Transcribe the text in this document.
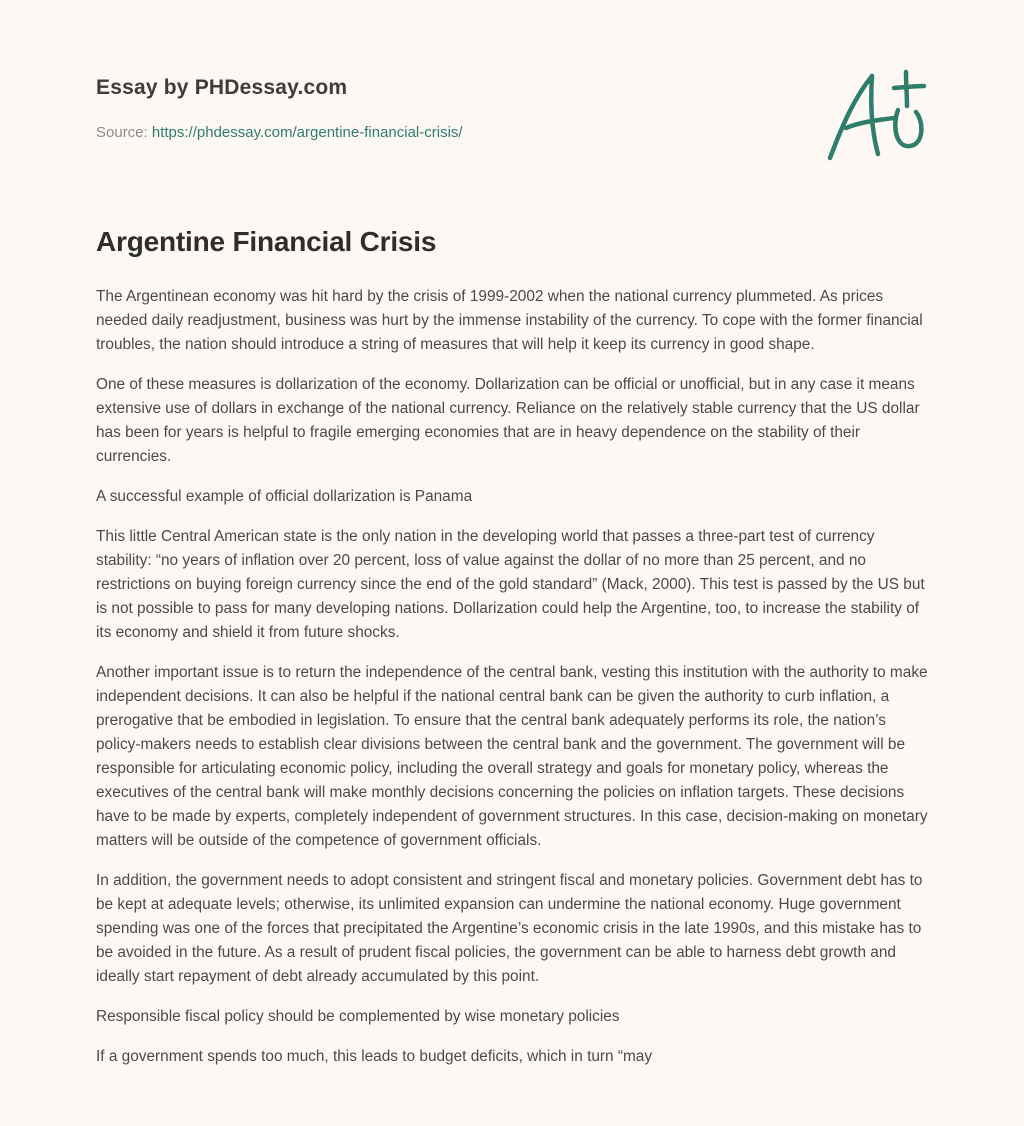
Essay by PHDessay.com
Source: https://phdessay.com/argentine-financial-crisis/
Argentine Financial Crisis

The Argentinean economy was hit hard by the crisis of 1999-2002 when the national currency plummeted. As prices needed daily readjustment, business was hurt by the immense instability of the currency. To cope with the former financial troubles, the nation should introduce a string of measures that will help it keep its currency in good shape.

One of these measures is dollarization of the economy. Dollarization can be official or unofficial, but in any case it means extensive use of dollars in exchange of the national currency. Reliance on the relatively stable currency that the US dollar has been for years is helpful to fragile emerging economies that are in heavy dependence on the stability of their currencies.

A successful example of official dollarization is Panama

This little Central American state is the only nation in the developing world that passes a three-part test of currency stability: “no years of inflation over 20 percent, loss of value against the dollar of no more than 25 percent, and no restrictions on buying foreign currency since the end of the gold standard” (Mack, 2000). This test is passed by the US but is not possible to pass for many developing nations. Dollarization could help the Argentine, too, to increase the stability of its economy and shield it from future shocks.

Another important issue is to return the independence of the central bank, vesting this institution with the authority to make independent decisions. It can also be helpful if the national central bank can be given the authority to curb inflation, a prerogative that be embodied in legislation. To ensure that the central bank adequately performs its role, the nation’s policy-makers needs to establish clear divisions between the central bank and the government. The government will be responsible for articulating economic policy, including the overall strategy and goals for monetary policy, whereas the executives of the central bank will make monthly decisions concerning the policies on inflation targets. These decisions have to be made by experts, completely independent of government structures. In this case, decision-making on monetary matters will be outside of the competence of government officials.

In addition, the government needs to adopt consistent and stringent fiscal and monetary policies. Government debt has to be kept at adequate levels; otherwise, its unlimited expansion can undermine the national economy. Huge government spending was one of the forces that precipitated the Argentine’s economic crisis in the late 1990s, and this mistake has to be avoided in the future. As a result of prudent fiscal policies, the government can be able to harness debt growth and ideally start repayment of debt already accumulated by this point.

Responsible fiscal policy should be complemented by wise monetary policies

If a government spends too much, this leads to budget deficits, which in turn “may
